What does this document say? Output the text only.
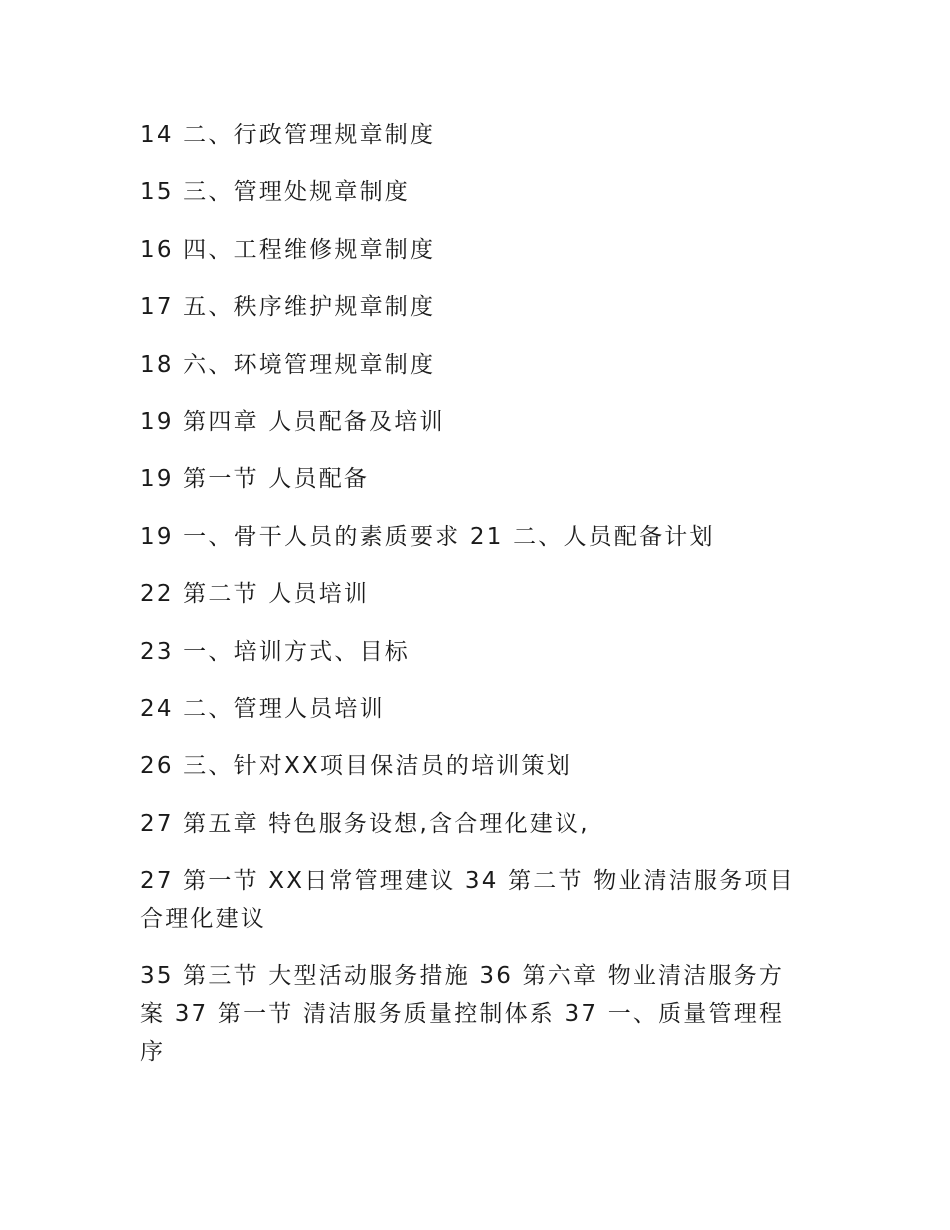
14 二、行政管理规章制度
15 三、管理处规章制度
16 四、工程维修规章制度
17 五、秩序维护规章制度
18 六、环境管理规章制度
19 第四章 人员配备及培训
19 第一节 人员配备
19 一、骨干人员的素质要求 21 二、人员配备计划
22 第二节 人员培训
23 一、培训方式、目标
24 二、管理人员培训
26 三、针对XX项目保洁员的培训策划
27 第五章 特色服务设想,含合理化建议,
27 第一节 XX日常管理建议 34 第二节 物业清洁服务项目合理化建议
35 第三节 大型活动服务措施 36 第六章 物业清洁服务方案 37 第一节 清洁服务质量控制体系 37 一、质量管理程序
